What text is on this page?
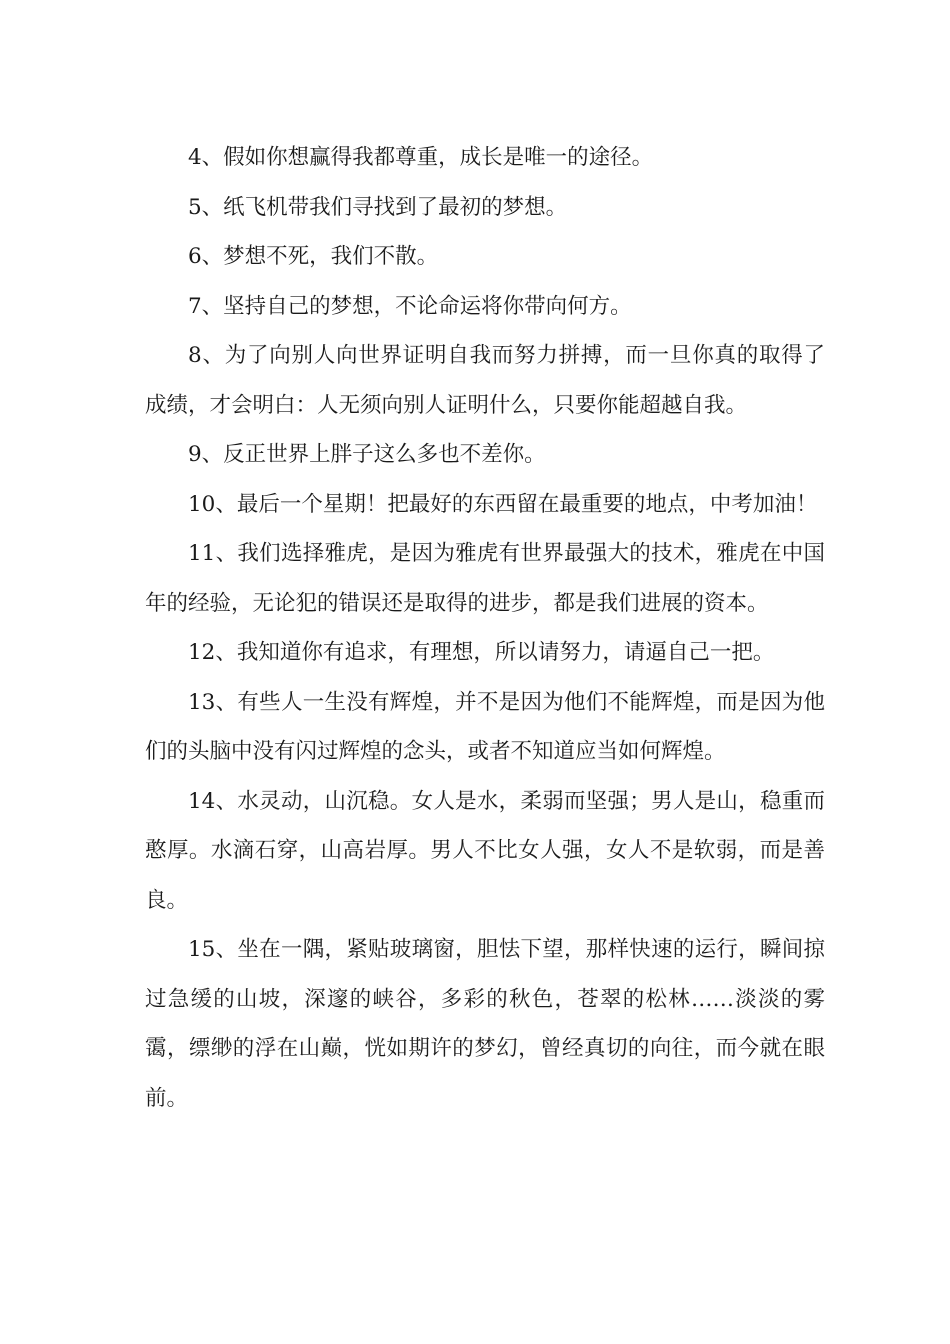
4、假如你想赢得我都尊重，成长是唯一的途径。

5、纸飞机带我们寻找到了最初的梦想。

6、梦想不死，我们不散。

7、坚持自己的梦想，不论命运将你带向何方。

8、为了向别人向世界证明自我而努力拼搏，而一旦你真的取得了成绩，才会明白：人无须向别人证明什么，只要你能超越自我。

9、反正世界上胖子这么多也不差你。

10、最后一个星期！把最好的东西留在最重要的地点，中考加油！

11、我们选择雅虎，是因为雅虎有世界最强大的技术，雅虎在中国年的经验，无论犯的错误还是取得的进步，都是我们进展的资本。

12、我知道你有追求，有理想，所以请努力，请逼自己一把。

13、有些人一生没有辉煌，并不是因为他们不能辉煌，而是因为他们的头脑中没有闪过辉煌的念头，或者不知道应当如何辉煌。

14、水灵动，山沉稳。女人是水，柔弱而坚强；男人是山，稳重而憨厚。水滴石穿，山高岩厚。男人不比女人强，女人不是软弱，而是善良。

15、坐在一隅，紧贴玻璃窗，胆怯下望，那样快速的运行，瞬间掠过急缓的山坡，深邃的峡谷，多彩的秋色，苍翠的松林……淡淡的雾霭，缥缈的浮在山巅，恍如期许的梦幻，曾经真切的向往，而今就在眼前。
